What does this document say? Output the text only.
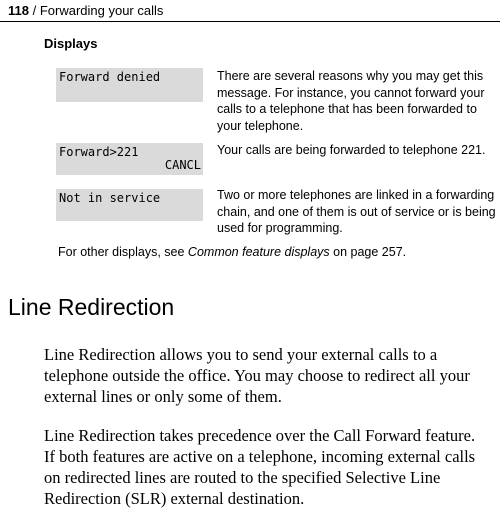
118 / Forwarding your calls
Displays
Forward denied	There are several reasons why you may get this message. For instance, you cannot forward your calls to a telephone that has been forwarded to your telephone.
Forward>221
CANCL
Your calls are being forwarded to telephone 221.
Not in service	Two or more telephones are linked in a forwarding chain, and one of them is out of service or is being used for programming.
For other displays, see Common feature displays on page 257.
Line Redirection

Line Redirection allows you to send your external calls to a telephone outside the office. You may choose to redirect all your external lines or only some of them.

Line Redirection takes precedence over the Call Forward feature. If both features are active on a telephone, incoming external calls on redirected lines are routed to the specified Selective Line Redirection (SLR) external destination.
